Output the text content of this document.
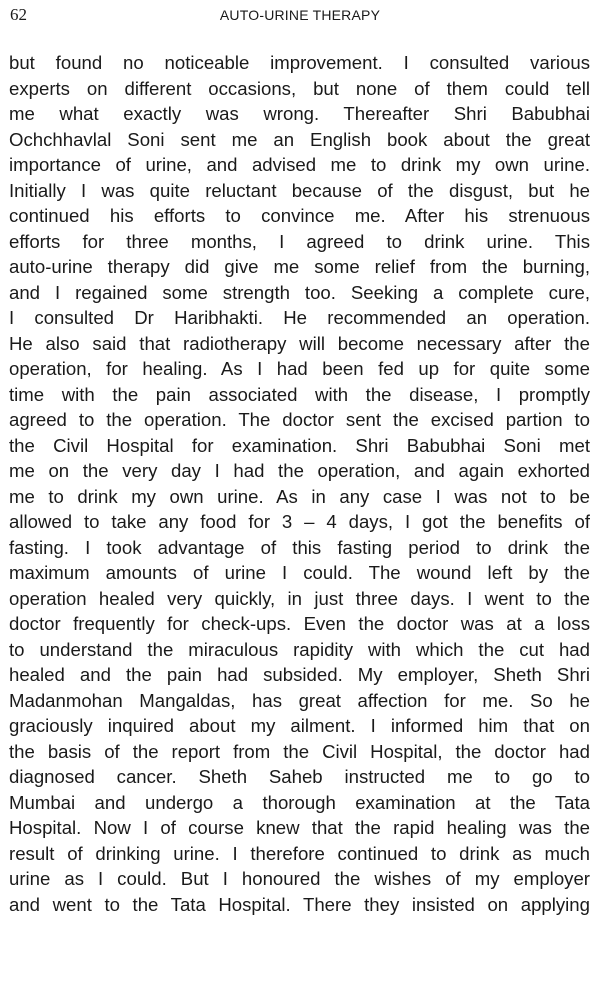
62	AUTO-URINE THERAPY
but found no noticeable improvement. I consulted various
experts on different occasions, but none of them could tell
me what exactly was wrong. Thereafter Shri Babubhai
Ochchhavlal Soni sent me an English book about the great
importance of urine, and advised me to drink my own urine.
Initially I was quite reluctant because of the disgust, but he
continued his efforts to convince me. After his strenuous
efforts for three months, I agreed to drink urine. This
auto-urine therapy did give me some relief from the burning,
and I regained some strength too. Seeking a complete cure,
I consulted Dr Haribhakti. He recommended an operation.
He also said that radiotherapy will become necessary after the
operation, for healing. As I had been fed up for quite some
time with the pain associated with the disease, I promptly
agreed to the operation. The doctor sent the excised partion to
the Civil Hospital for examination. Shri Babubhai Soni met
me on the very day I had the operation, and again exhorted
me to drink my own urine. As in any case I was not to be
allowed to take any food for 3 – 4 days, I got the benefits of
fasting. I took advantage of this fasting period to drink the
maximum amounts of urine I could. The wound left by the
operation healed very quickly, in just three days. I went to the
doctor frequently for check-ups. Even the doctor was at a loss
to understand the miraculous rapidity with which the cut had
healed and the pain had subsided. My employer, Sheth Shri
Madanmohan Mangaldas, has great affection for me. So he
graciously inquired about my ailment. I informed him that on
the basis of the report from the Civil Hospital, the doctor had
diagnosed cancer. Sheth Saheb instructed me to go to
Mumbai and undergo a thorough examination at the Tata
Hospital. Now I of course knew that the rapid healing was the
result of drinking urine. I therefore continued to drink as much
urine as I could. But I honoured the wishes of my employer
and went to the Tata Hospital. There they insisted on applying
